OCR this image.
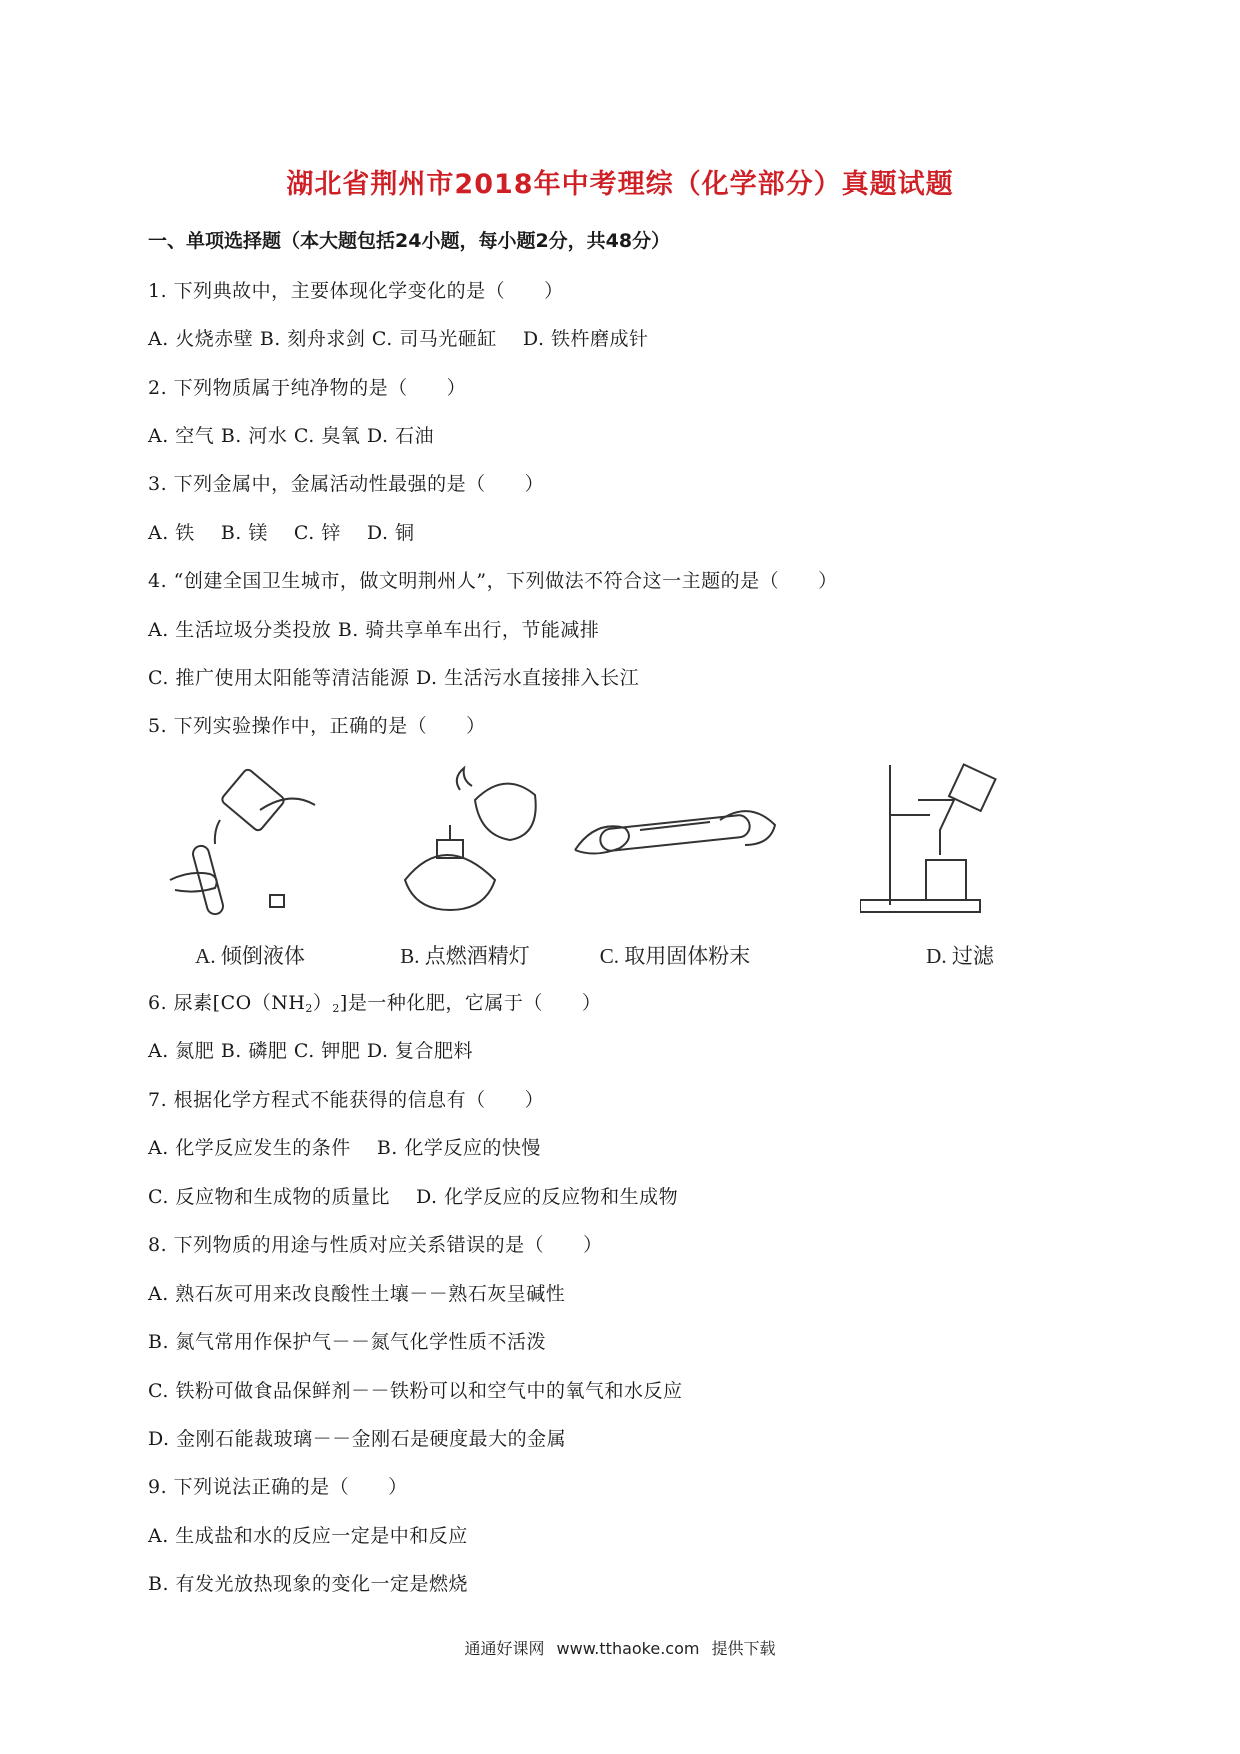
湖北省荆州市2018年中考理综（化学部分）真题试题
一、单项选择题（本大题包括24小题，每小题2分，共48分）
1. 下列典故中，主要体现化学变化的是（　　）
A. 火烧赤壁 B. 刻舟求剑 C. 司马光砸缸　 D. 铁杵磨成针
2. 下列物质属于纯净物的是（　　）
A. 空气 B. 河水 C. 臭氧 D. 石油
3. 下列金属中，金属活动性最强的是（　　）
A. 铁　 B. 镁　 C. 锌　 D. 铜
4. “创建全国卫生城市，做文明荆州人”，下列做法不符合这一主题的是（　　）
A. 生活垃圾分类投放 B. 骑共享单车出行，节能减排
C. 推广使用太阳能等清洁能源 D. 生活污水直接排入长江
5. 下列实验操作中，正确的是（　　）
A. 倾倒液体	B. 点燃酒精灯	C. 取用固体粉末	D. 过滤
6. 尿素$[CO(NH_2)_2]$是一种化肥，它属于（　　）
A. 氮肥 B. 磷肥 C. 钾肥 D. 复合肥料
7. 根据化学方程式不能获得的信息有（　　）
A. 化学反应发生的条件　 B. 化学反应的快慢
C. 反应物和生成物的质量比　 D. 化学反应的反应物和生成物
8. 下列物质的用途与性质对应关系错误的是（　　）
A. 熟石灰可用来改良酸性土壤－－熟石灰呈碱性
B. 氮气常用作保护气－－氮气化学性质不活泼
C. 铁粉可做食品保鲜剂－－铁粉可以和空气中的氧气和水反应
D. 金刚石能裁玻璃－－金刚石是硬度最大的金属
9. 下列说法正确的是（　　）
A. 生成盐和水的反应一定是中和反应
B. 有发光放热现象的变化一定是燃烧
通通好课网 www.tthaoke.com 提供下载
